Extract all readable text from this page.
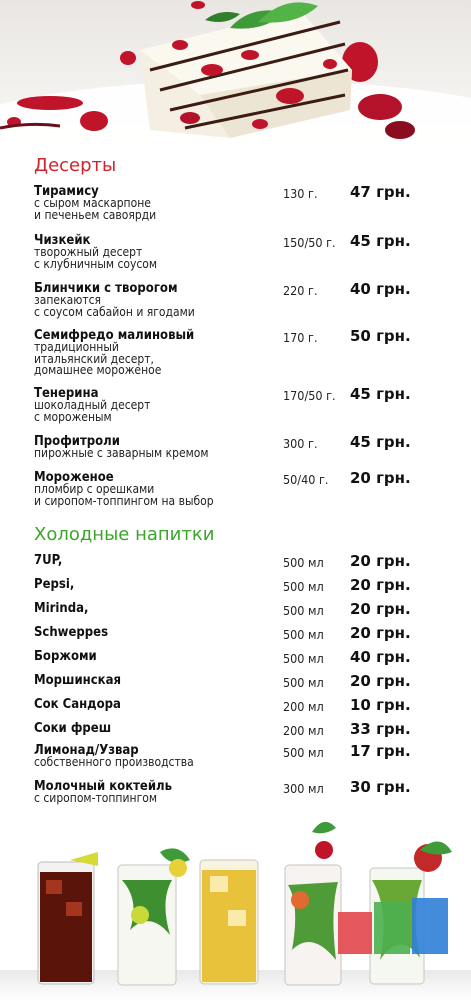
Десерты
Тирамису
с сыром маскарпоне
и печеньем савоярди
130 г. 47 грн.
Чизкейк
творожный десерт
с клубничным соусом
150/50 г. 45 грн.
Блинчики с творогом
запекаются
с соусом сабайон и ягодами
220 г. 40 грн.
Семифредо малиновый
традиционный
итальянский десерт,
домашнее мороженое
170 г. 50 грн.
Тенерина
шоколадный десерт
с мороженым
170/50 г. 45 грн.
Профитроли
пирожные с заварным кремом
300 г. 45 грн.
Мороженое
пломбир с орешками
и сиропом-топпингом на выбор
50/40 г. 20 грн.
Холодные напитки
7UP,	500 мл 20 грн.
Pepsi,	500 мл 20 грн.
Mirinda,	500 мл 20 грн.
Schweppes	500 мл 20 грн.
Боржоми	500 мл 40 грн.
Моршинская	500 мл 20 грн.
Сок Сандора	200 мл 10 грн.
Соки фреш	200 мл 33 грн.
Лимонад/Узвар
собственного производства
500 мл 17 грн.
Молочный коктейль
с сиропом-топпингом
300 мл 30 грн.
